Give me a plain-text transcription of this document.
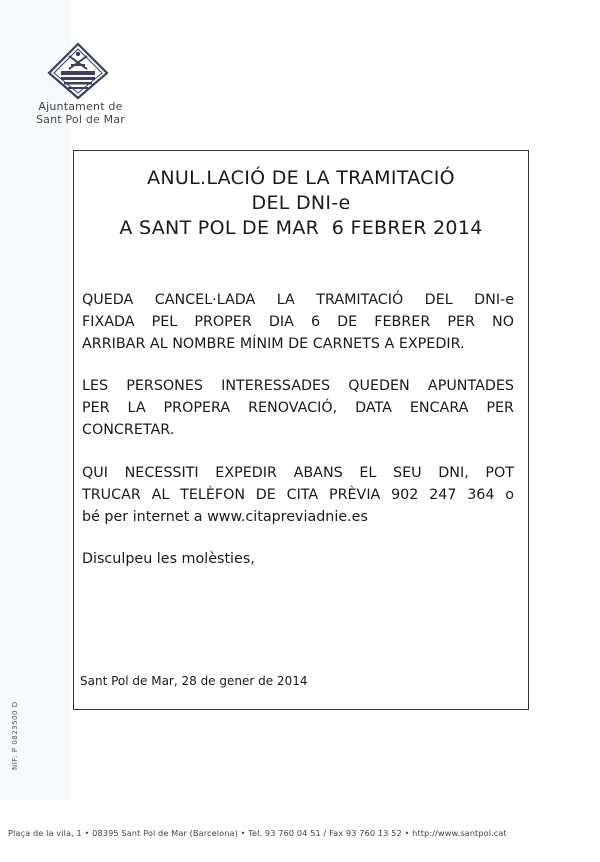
Ajuntament de
Sant Pol de Mar
ANUL.LACIÓ DE LA TRAMITACIÓ
DEL DNI-e
A SANT POL DE MAR  6 FEBRER 2014
QUEDA CANCEL·LADA LA TRAMITACIÓ DEL DNI-e
FIXADA PEL PROPER DIA 6 DE FEBRER PER NO
ARRIBAR AL NOMBRE MÍNIM DE CARNETS A EXPEDIR.
LES PERSONES INTERESSADES QUEDEN APUNTADES
PER LA PROPERA RENOVACIÓ, DATA ENCARA PER
CONCRETAR.
QUI NECESSITI EXPEDIR ABANS EL SEU DNI, POT
TRUCAR AL TELÈFON DE CITA PRÈVIA 902 247 364 o
bé per internet a www.citapreviadnie.es
Disculpeu les molèsties,
Sant Pol de Mar, 28 de gener de 2014
NIF: P 0823500 D
Plaça de la vila, 1 • 08395 Sant Pol de Mar (Barcelona) • Tel. 93 760 04 51 / Fax 93 760 13 52 • http://www.santpol.cat
